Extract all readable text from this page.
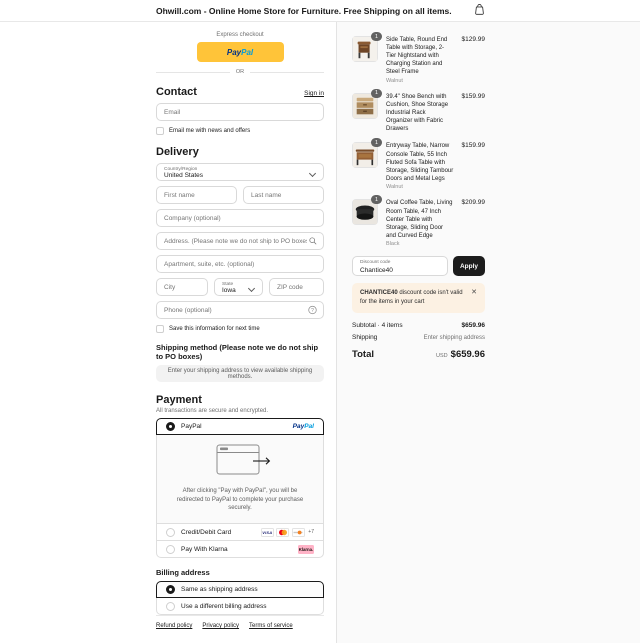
Ohwill.com - Online Home Store for Furniture. Free Shipping on all items.
Express checkout
PayPal
OR
Contact	Sign in
Email
Email me with news and offers
Delivery
Country/Region
United States
First name
Last name
Company (optional)
Address. (Please note we do not ship to PO boxes)
Apartment, suite, etc. (optional)
City
State
Iowa
ZIP code
Phone (optional)
?
Save this information for next time
Shipping method (Please note we do not ship to PO boxes)
Enter your shipping address to view available shipping methods.
Payment
All transactions are secure and encrypted.
PayPal	PayPal
After clicking "Pay with PayPal", you will be redirected to PayPal to complete your purchase securely.
Credit/Debit Card	VISA	+7
Pay With Klarna	Klarna.
Billing address
Same as shipping address
Use a different billing address
Refund policy Privacy policy Terms of service
1
Side Table, Round End Table with Storage, 2-Tier Nightstand with Charging Station and Steel Frame
Walnut
$129.99
1
39.4" Shoe Bench with Cushion, Shoe Storage Industrial Rack Organizer with Fabric Drawers
$159.99
1
Entryway Table, Narrow Console Table, 55 Inch Fluted Sofa Table with Storage, Sliding Tambour Doors and Metal Legs
Walnut
$159.99
1
Oval Coffee Table, Living Room Table, 47 Inch Center Table with Storage, Sliding Door and Curved Edge
Black
$209.99
Discount code
Chantice40
Apply
CHANTICE40 discount code isn't valid for the items in your cart
✕
Subtotal · 4 items	$659.96
Shipping	Enter shipping address
Total	USD $659.96
